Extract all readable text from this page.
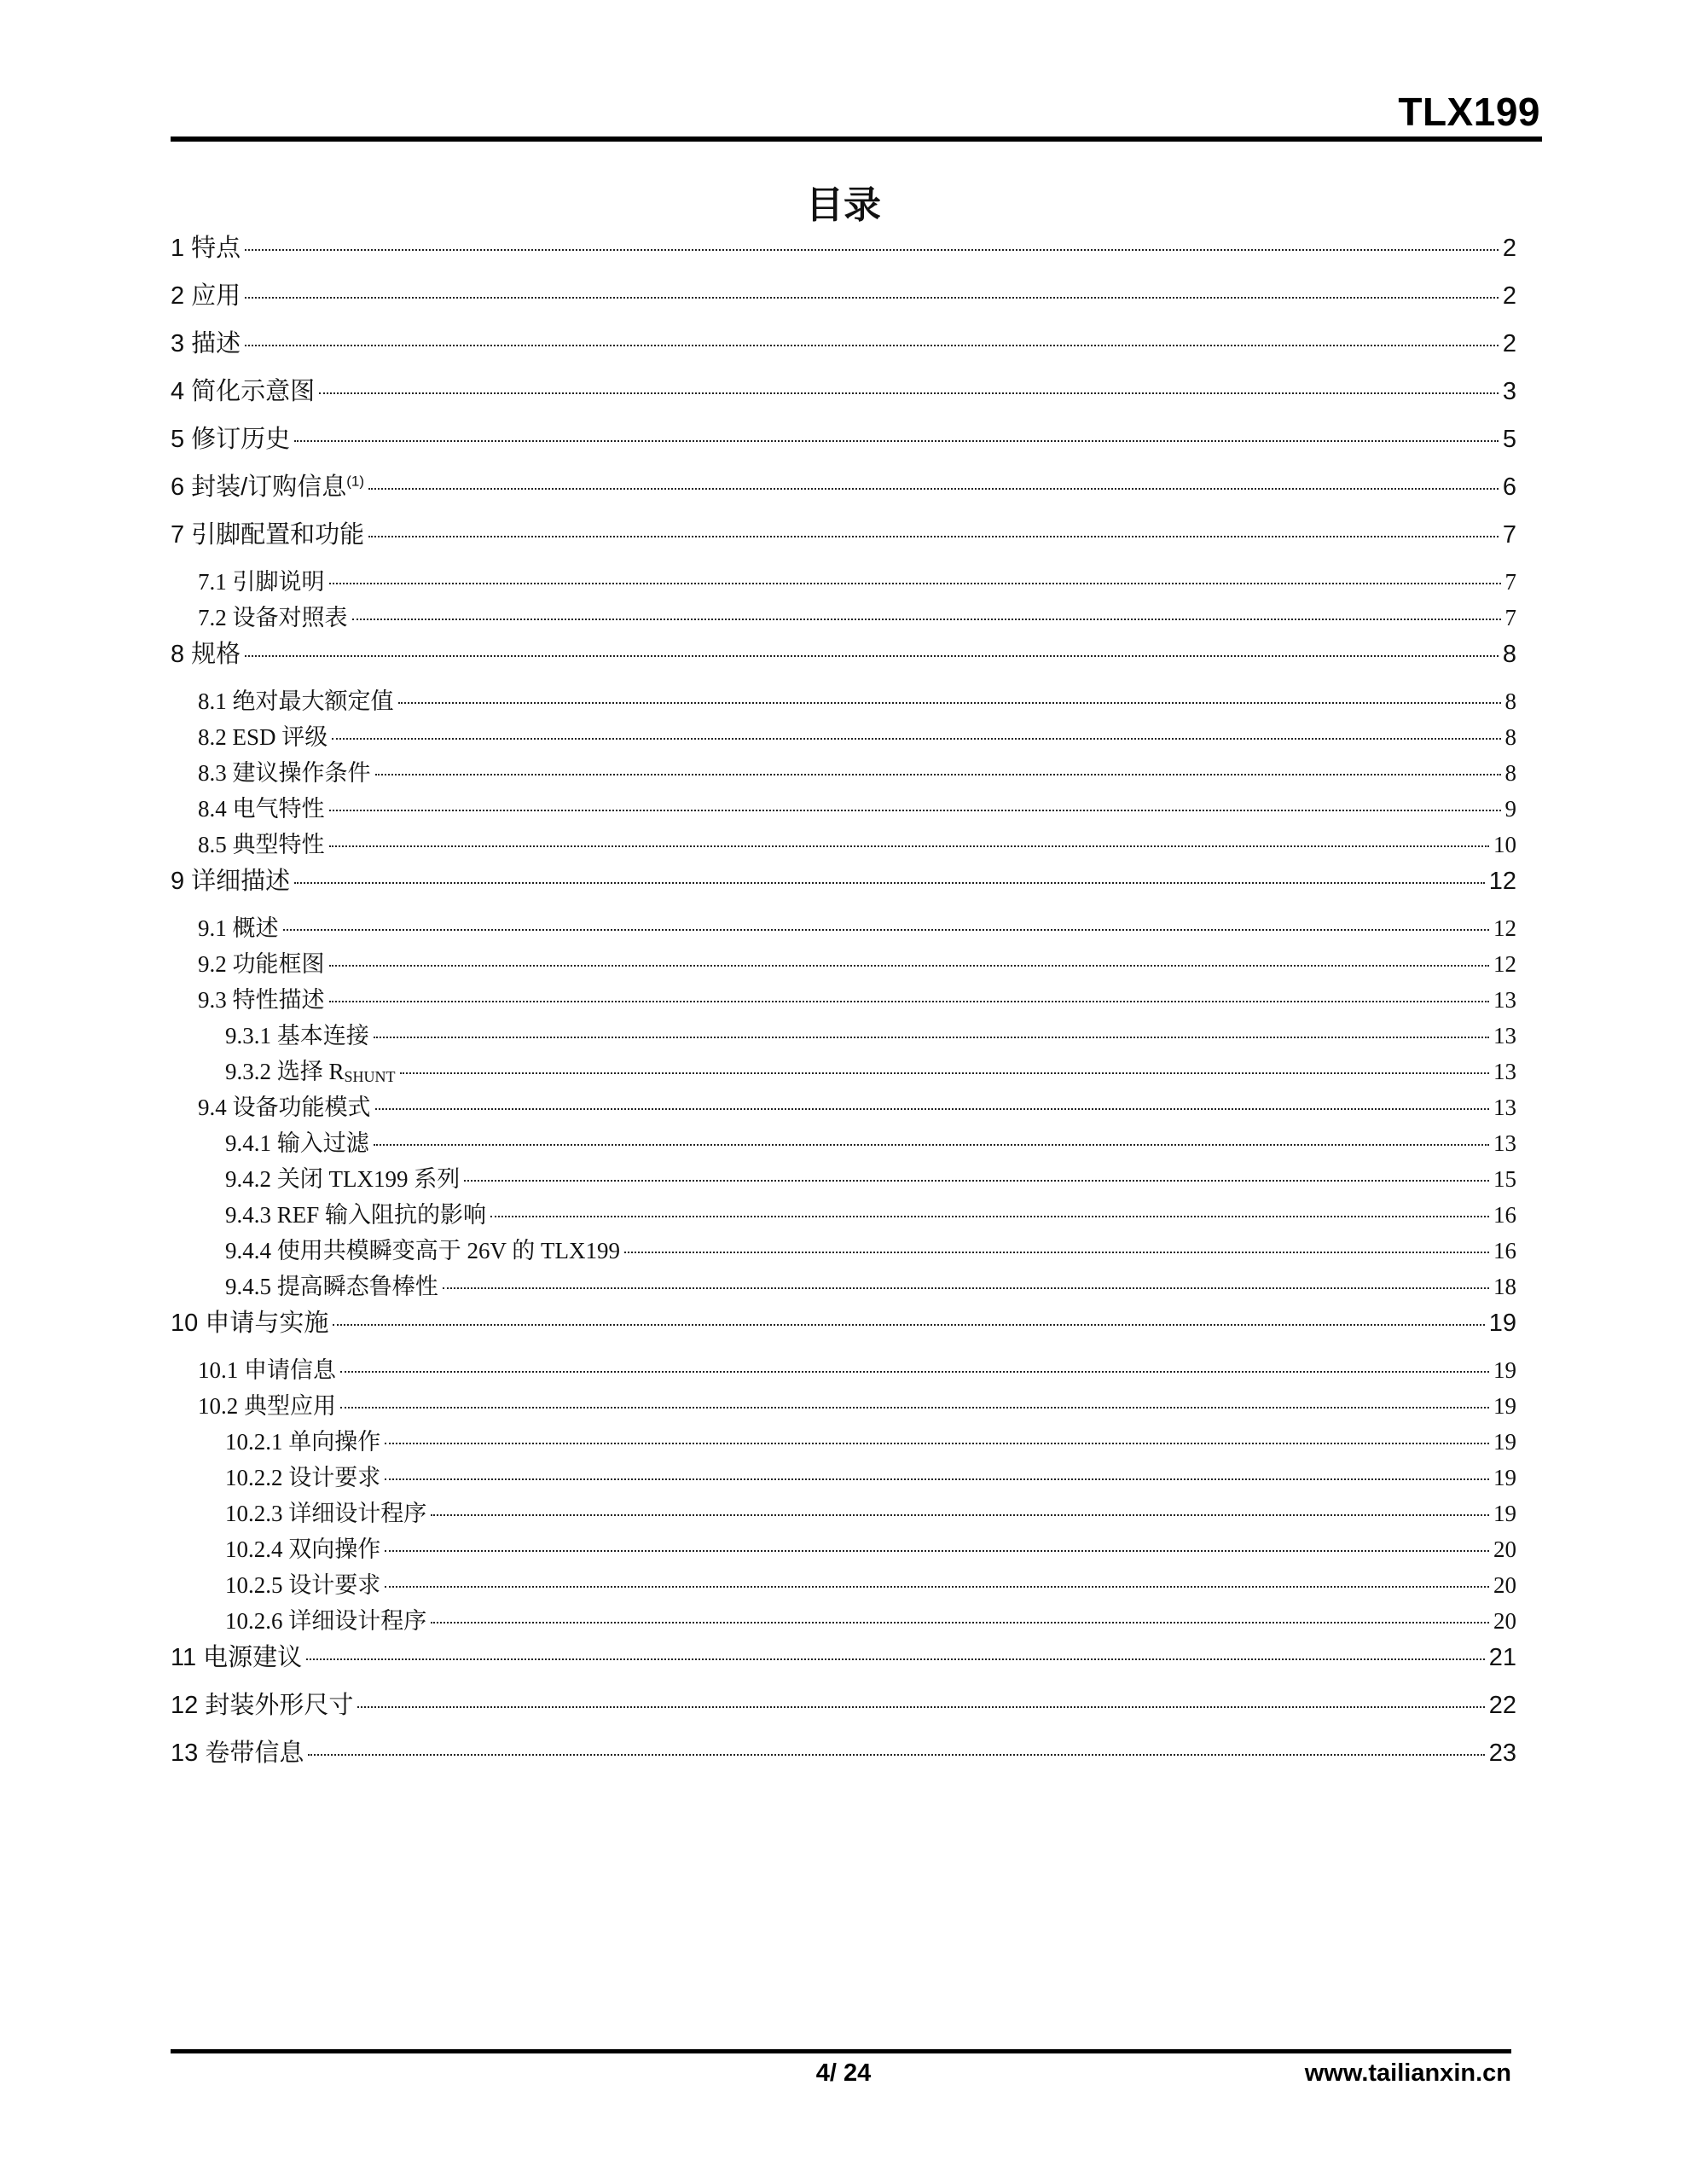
TLX199
目录
1 特点	2
2 应用	2
3 描述	2
4 简化示意图	3
5 修订历史	5
6 封装/订购信息$^{(1)}$	6
7 引脚配置和功能	7
7.1 引脚说明	7
7.2 设备对照表	7
8 规格	8
8.1 绝对最大额定值	8
8.2 ESD 评级	8
8.3 建议操作条件	8
8.4 电气特性	9
8.5 典型特性	10
9 详细描述	12
9.1 概述	12
9.2 功能框图	12
9.3 特性描述	13
9.3.1 基本连接	13
9.3.2 选择 $R_{SHUNT}$	13
9.4 设备功能模式	13
9.4.1 输入过滤	13
9.4.2 关闭 TLX199 系列	15
9.4.3 REF 输入阻抗的影响	16
9.4.4 使用共模瞬变高于 26V 的 TLX199	16
9.4.5 提高瞬态鲁棒性	18
10 申请与实施	19
10.1 申请信息	19
10.2 典型应用	19
10.2.1 单向操作	19
10.2.2 设计要求	19
10.2.3 详细设计程序	19
10.2.4 双向操作	20
10.2.5 设计要求	20
10.2.6 详细设计程序	20
11 电源建议	21
12 封装外形尺寸	22
13 卷带信息	23
4/ 24	www.tailianxin.cn
